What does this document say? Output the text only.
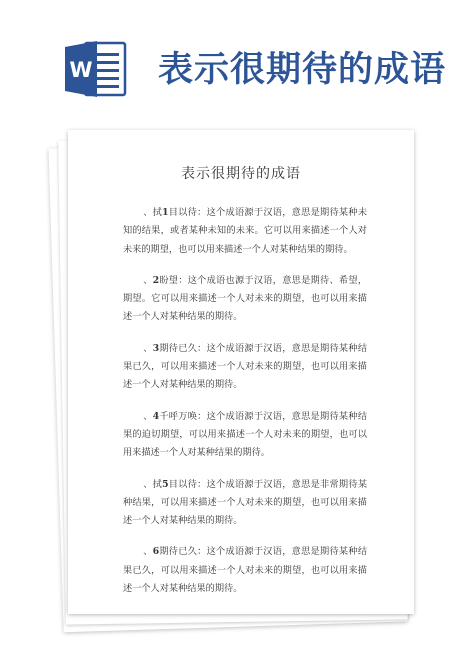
W 表示很期待的成语
表示很期待的成语

、拭1目以待：这个成语源于汉语，意思是期待某种未知的结果，或者某种未知的未来。它可以用来描述一个人对未来的期望，也可以用来描述一个人对某种结果的期待。

、2盼望：这个成语也源于汉语，意思是期待、希望，期望。它可以用来描述一个人对未来的期望，也可以用来描述一个人对某种结果的期待。

、3期待已久：这个成语源于汉语，意思是期待某种结果已久，可以用来描述一个人对未来的期望，也可以用来描述一个人对某种结果的期待。

、4千呼万唤：这个成语源于汉语，意思是期待某种结果的迫切期望，可以用来描述一个人对未来的期望，也可以用来描述一个人对某种结果的期待。

、拭5目以待：这个成语源于汉语，意思是非常期待某种结果，可以用来描述一个人对未来的期望，也可以用来描述一个人对某种结果的期待。

、6期待已久：这个成语源于汉语，意思是期待某种结果已久，可以用来描述一个人对未来的期望，也可以用来描述一个人对某种结果的期待。
